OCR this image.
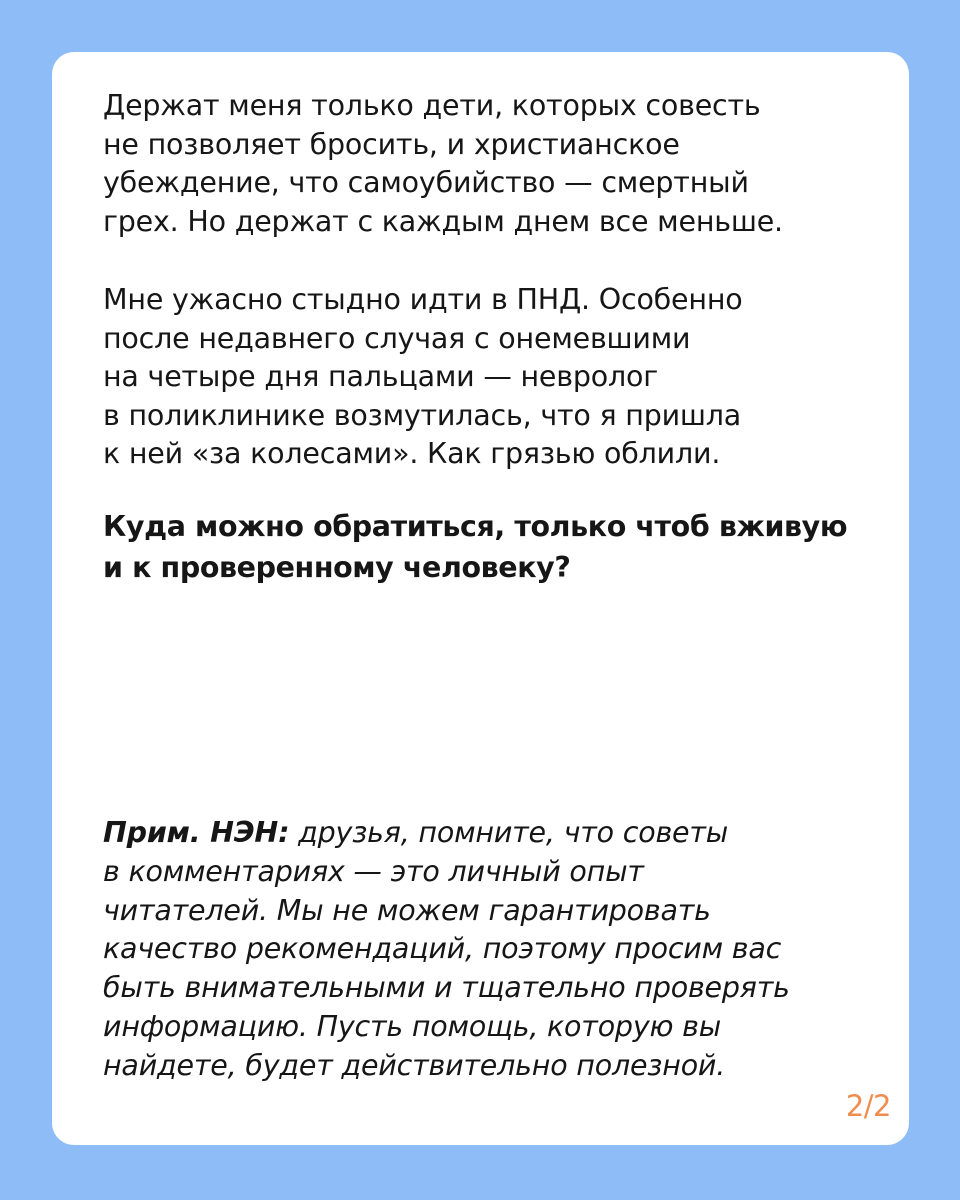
Держат меня только дети, которых совесть
не позволяет бросить, и христианское
убеждение, что самоубийство — смертный
грех. Но держат с каждым днем все меньше.

Мне ужасно стыдно идти в ПНД. Особенно
после недавнего случая с онемевшими
на четыре дня пальцами — невролог
в поликлинике возмутилась, что я пришла
к ней «за колесами». Как грязью облили.

Куда можно обратиться, только чтоб вживую
и к проверенному человеку?

Прим. НЭН: друзья, помните, что советы
в комментариях — это личный опыт
читателей. Мы не можем гарантировать
качество рекомендаций, поэтому просим вас
быть внимательными и тщательно проверять
информацию. Пусть помощь, которую вы
найдете, будет действительно полезной.

2/2
